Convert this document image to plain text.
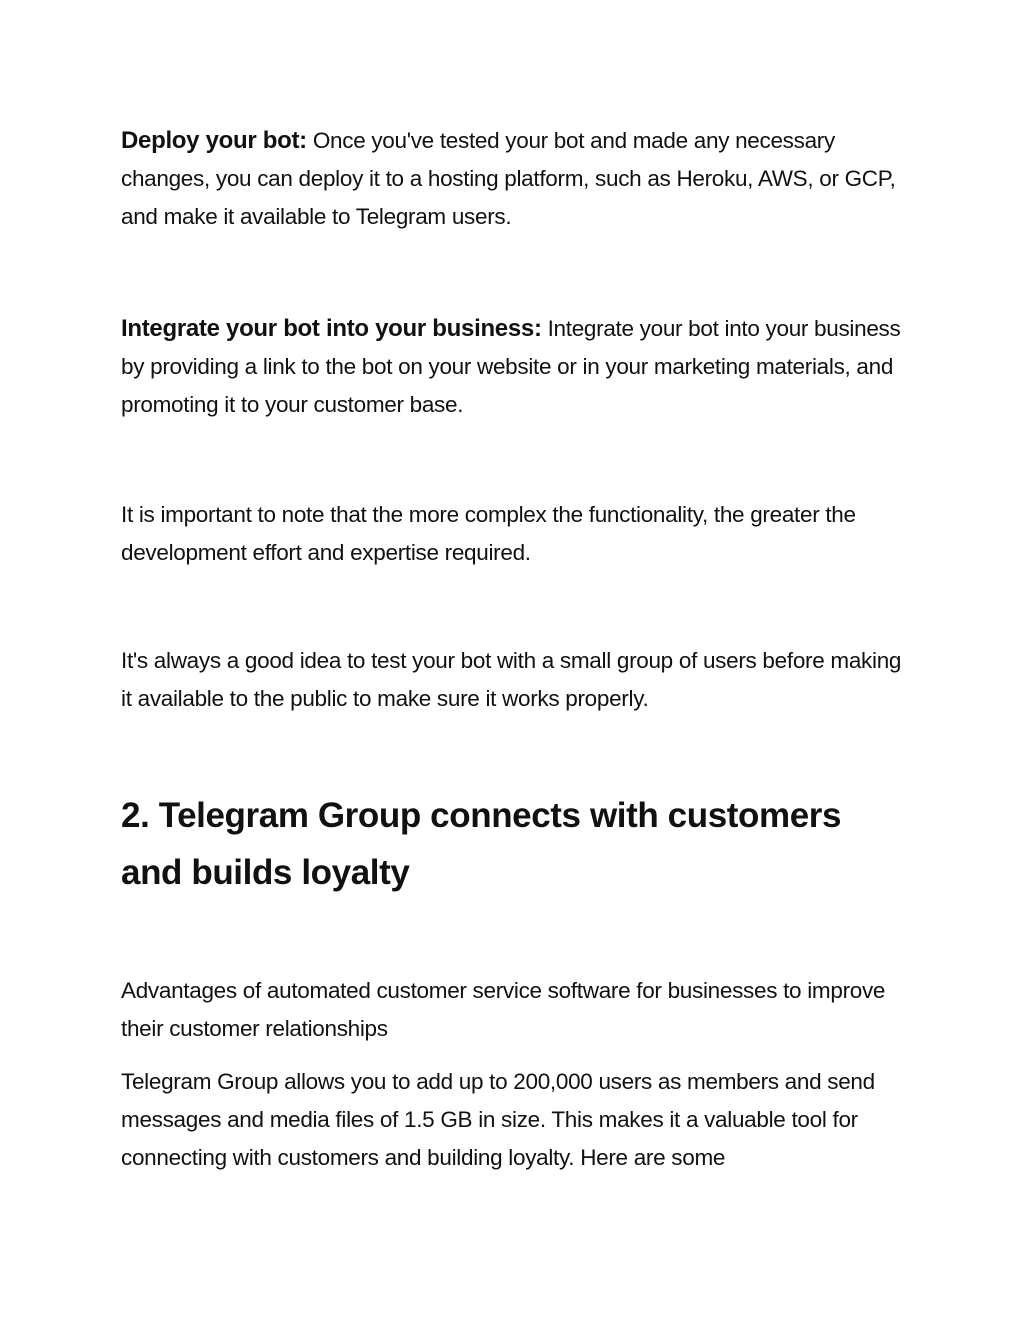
Deploy your bot: Once you've tested your bot and made any necessary changes, you can deploy it to a hosting platform, such as Heroku, AWS, or GCP, and make it available to Telegram users.

Integrate your bot into your business: Integrate your bot into your business by providing a link to the bot on your website or in your marketing materials, and promoting it to your customer base.

It is important to note that the more complex the functionality, the greater the development effort and expertise required.

It's always a good idea to test your bot with a small group of users before making it available to the public to make sure it works properly.

2. Telegram Group connects with customers and builds loyalty

Advantages of automated customer service software for businesses to improve their customer relationships

Telegram Group allows you to add up to 200,000 users as members and send messages and media files of 1.5 GB in size. This makes it a valuable tool for connecting with customers and building loyalty. Here are some
